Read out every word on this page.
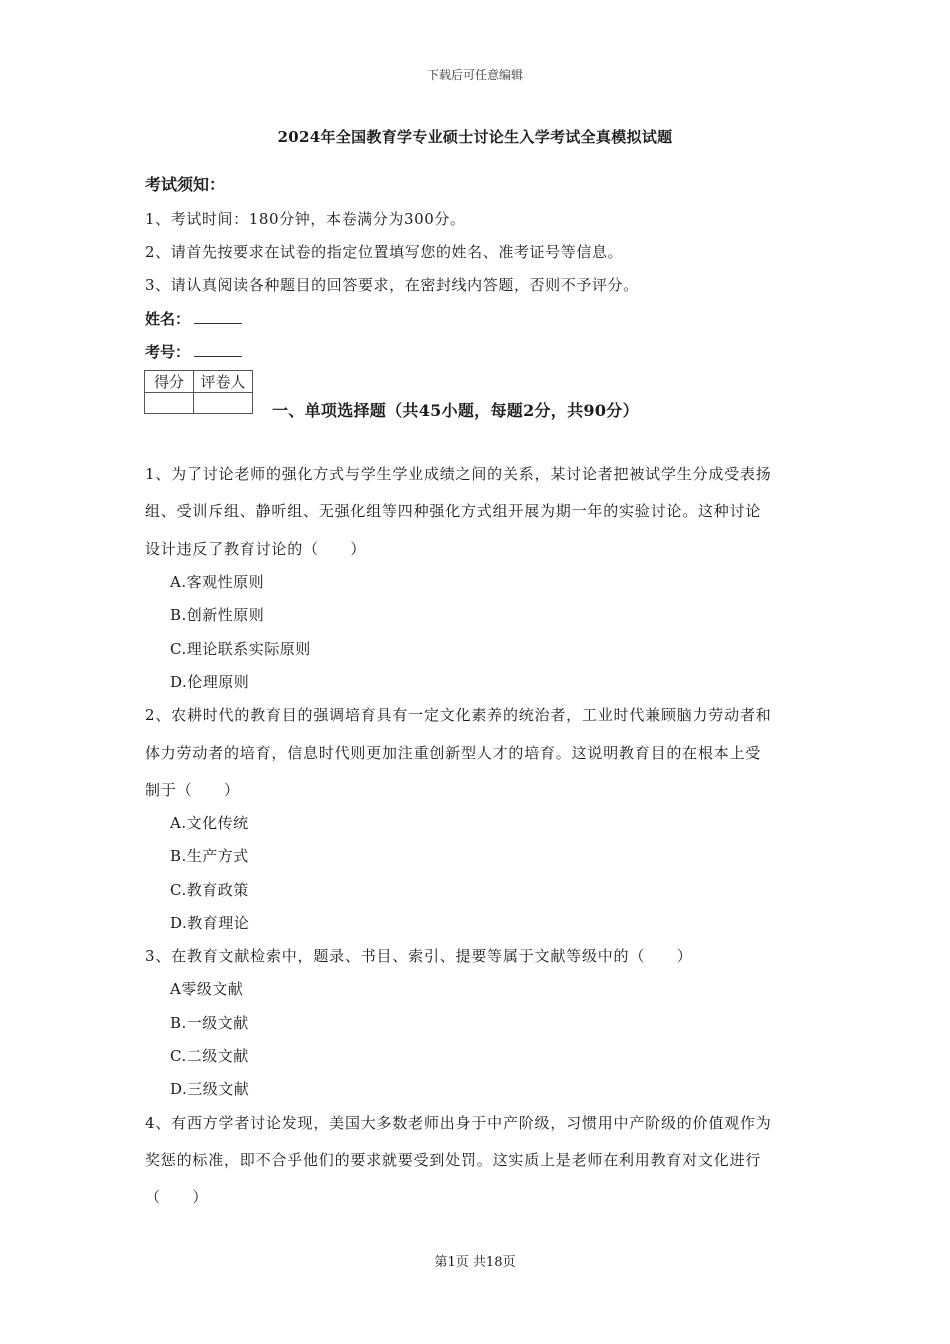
下载后可任意编辑
2024年全国教育学专业硕士讨论生入学考试全真模拟试题
考试须知：
1、考试时间：180分钟，本卷满分为300分。
2、请首先按要求在试卷的指定位置填写您的姓名、准考证号等信息。
3、请认真阅读各种题目的回答要求，在密封线内答题，否则不予评分。
姓名：
考号：
得分	评卷人

一、单项选择题（共45小题，每题2分，共90分）
1、为了讨论老师的强化方式与学生学业成绩之间的关系，某讨论者把被试学生分成受表扬
组、受训斥组、静听组、无强化组等四种强化方式组开展为期一年的实验讨论。这种讨论
设计违反了教育讨论的（　　）
A.客观性原则
B.创新性原则
C.理论联系实际原则
D.伦理原则
2、农耕时代的教育目的强调培育具有一定文化素养的统治者，工业时代兼顾脑力劳动者和
体力劳动者的培育，信息时代则更加注重创新型人才的培育。这说明教育目的在根本上受
制于（　　）
A.文化传统
B.生产方式
C.教育政策
D.教育理论
3、在教育文献检索中，题录、书目、索引、提要等属于文献等级中的（　　）
A零级文献
B.一级文献
C.二级文献
D.三级文献
4、有西方学者讨论发现，美国大多数老师出身于中产阶级，习惯用中产阶级的价值观作为
奖惩的标准，即不合乎他们的要求就要受到处罚。这实质上是老师在利用教育对文化进行
（　　）
第1页 共18页
